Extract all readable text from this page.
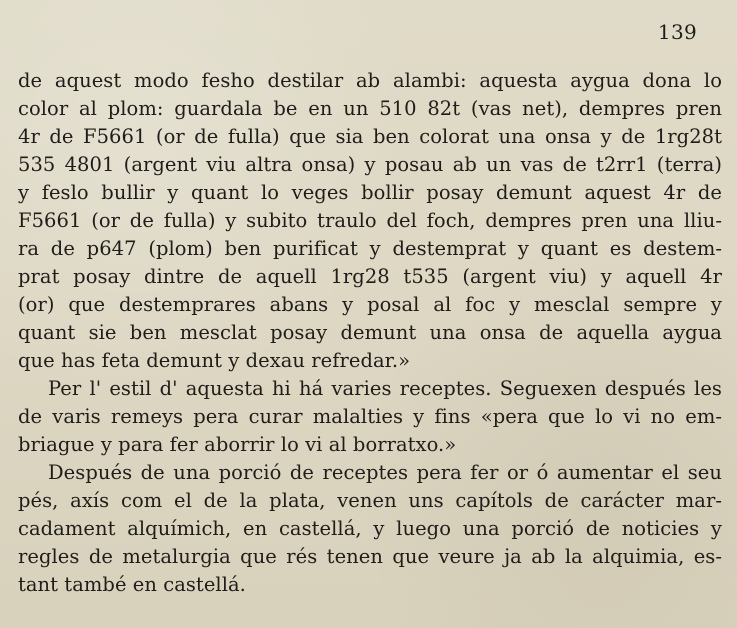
139
de aquest modo fesho destilar ab alambi: aquesta aygua dona lo
color al plom: guardala be en un 510 82t (vas net), dempres pren
4r de F5661 (or de fulla) que sia ben colorat una onsa y de 1rg28t
535 4801 (argent viu altra onsa) y posau ab un vas de t2rr1 (terra)
y feslo bullir y quant lo veges bollir posay demunt aquest 4r de
F5661 (or de fulla) y subito traulo del foch, dempres pren una lliu-
ra de p647 (plom) ben purificat y destemprat y quant es destem-
prat posay dintre de aquell 1rg28 t535 (argent viu) y aquell 4r
(or) que destemprares abans y posal al foc y mesclal sempre y
quant sie ben mesclat posay demunt una onsa de aquella aygua
que has feta demunt y dexau refredar.»
Per l' estil d' aquesta hi há varies receptes. Seguexen después les
de varis remeys pera curar malalties y fins «pera que lo vi no em-
briague y para fer aborrir lo vi al borratxo.»
Después de una porció de receptes pera fer or ó aumentar el seu
pés, axís com el de la plata, venen uns capítols de carácter mar-
cadament alquímich, en castellá, y luego una porció de noticies y
regles de metalurgia que rés tenen que veure ja ab la alquimia, es-
tant també en castellá.
